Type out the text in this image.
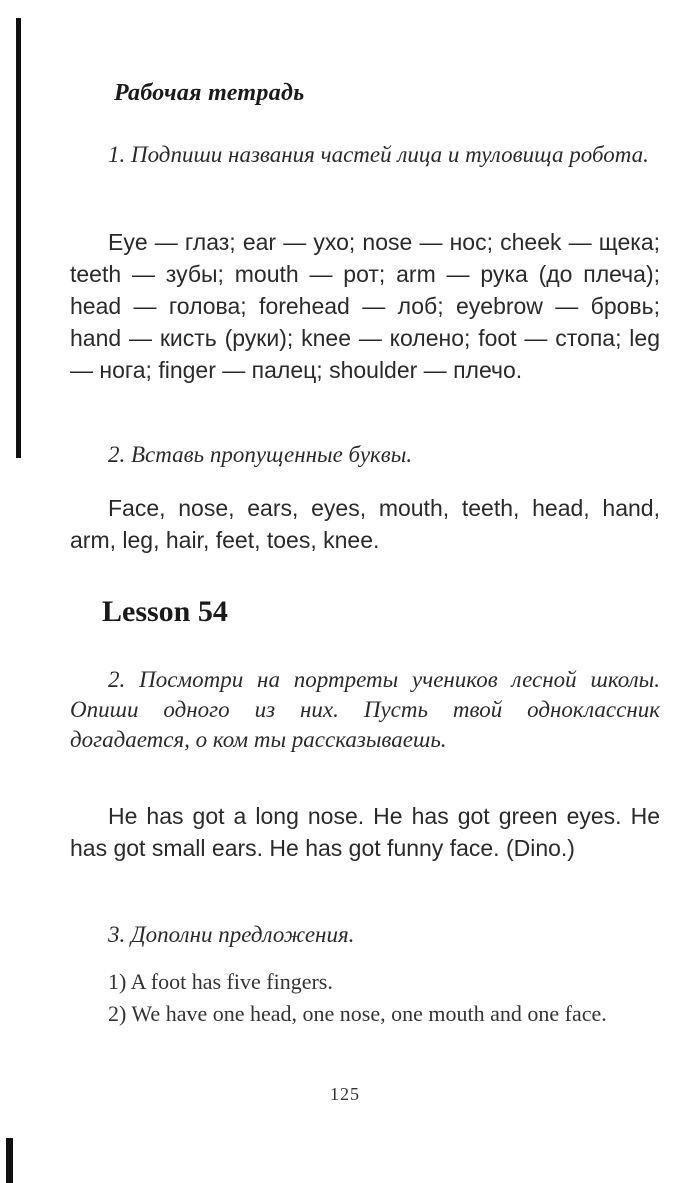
Рабочая тетрадь

1. Подпиши названия частей лица и туловища робота.

Eye — глаз; ear — ухо; nose — нос; cheek — щека; teeth — зубы; mouth — рот; arm — рука (до плеча); head — голова; forehead — лоб; eyebrow — бровь; hand — кисть (руки); knee — колено; foot — стопа; leg — нога; finger — палец; shoulder — плечо.

2. Вставь пропущенные буквы.

Face, nose, ears, eyes, mouth, teeth, head, hand, arm, leg, hair, feet, toes, knee.

Lesson 54

2. Посмотри на портреты учеников лесной школы. Опиши одного из них. Пусть твой одноклассник догадается, о ком ты рассказываешь.

He has got a long nose. He has got green eyes. He has got small ears. He has got funny face. (Dino.)

3. Дополни предложения.

1) A foot has five fingers.
2) We have one head, one nose, one mouth and one face.
125
